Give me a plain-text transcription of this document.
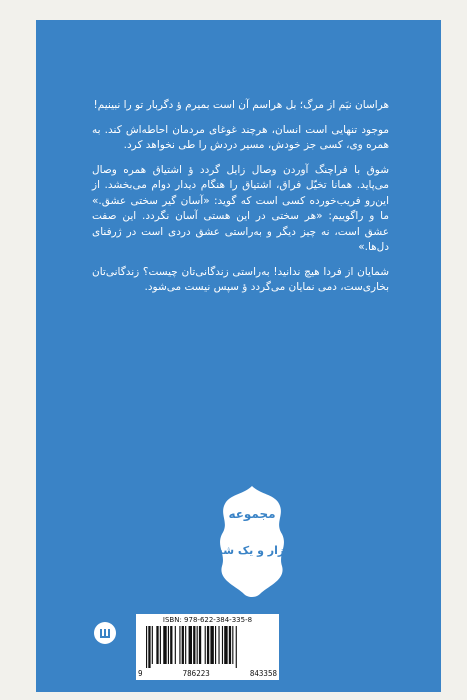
هراسان نیَم از مرگ؛ بل هراسم آن است بمیرم ؤ دگربار تو را نبینیم!

موجود تنهایی است انسان، هرچند غوغای مردمان احاطه‌اش کند. به همره وی، کسی جز خودش، مسیر دردش را طی نخواهد کرد.

شوق با فراچنگ آوردن وصال زایل گردد ؤ اشتیاق همره وصال می‌پاید. همانا تخیّل فراق، اشتیاق را هنگام دیدار دوام می‌بخشد. از این‌رو فریب‌خورده کسی است که گوید: «آسان گیر سختی عشق.» ما و راگوییم: «هر سختی در این هستی آسان نگردد. این صفت عشق است، نه چیز دیگر و به‌راستی عشق دردی است در ژرفنای دل‌ها.»

شمایان از فردا هیچ ندانید! به‌راستی زندگانی‌تان چیست؟ زندگانی‌تان بخاری‌ست، دمی نمایان می‌گردد ؤ سپس نیست می‌شود.

مجموعه
هزار و یک شب
ISBN: 978-622-384-335-8
9	786223	843358
